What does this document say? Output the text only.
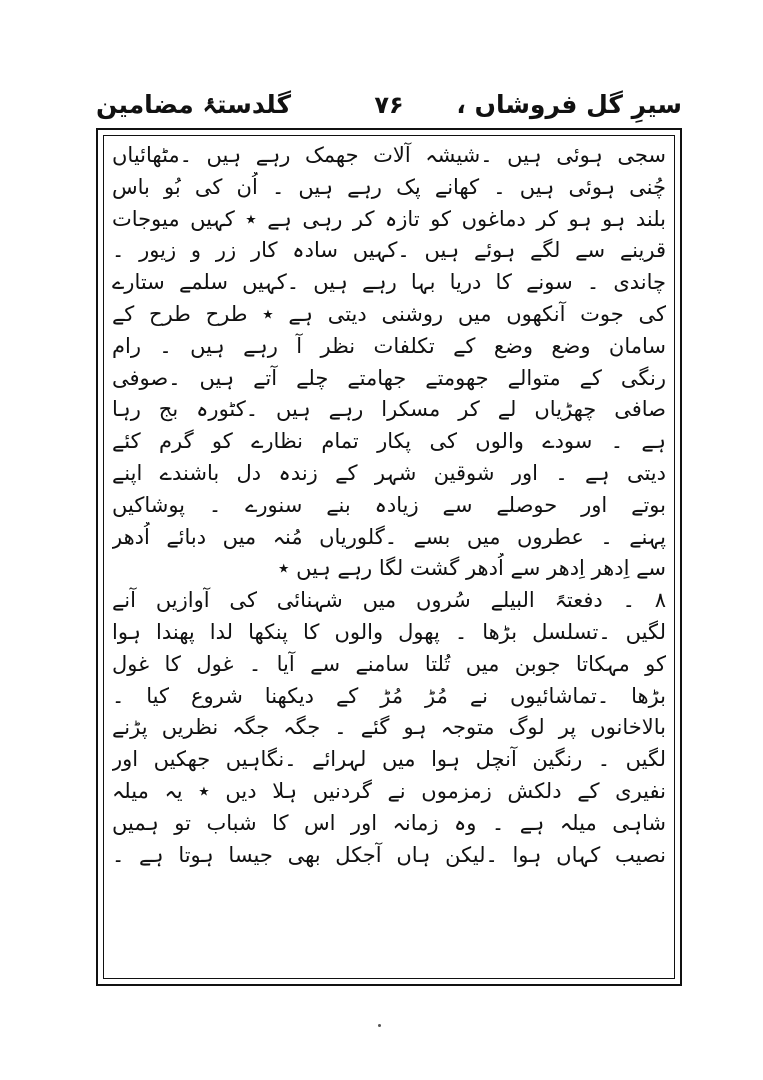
سیرِ گل فروشاں ،
۷۶
گلدستۂ مضامین
سجی ہوئی ہیں ۔شیشہ آلات جھمک رہے ہیں ۔مٹھائیاں
چُنی ہوئی ہیں ۔ کھانے پک رہے ہیں ۔ اُن کی بُو باس
بلند ہو ہو کر دماغوں کو تازہ کر رہی ہے ٭ کہیں میوجات
قرینے سے لگے ہوئے ہیں ۔کہیں سادہ کار زر و زیور ۔
چاندی ۔ سونے کا دریا بہا رہے ہیں ۔کہیں سلمے ستارے
کی جوت آنکھوں میں روشنی دیتی ہے ٭ طرح طرح کے
سامان وضع وضع کے تکلفات نظر آ رہے ہیں ۔ رام
رنگی کے متوالے جھومتے جھامتے چلے آتے ہیں ۔صوفی
صافی چھڑیاں لے کر مسکرا رہے ہیں ۔کٹورہ بج رہا
ہے ۔ سودے والوں کی پکار تمام نظارے کو گرم کئے
دیتی ہے ۔ اور شوقین شہر کے زندہ دل باشندے اپنے
بوتے اور حوصلے سے زیادہ بنے سنورے ۔ پوشاکیں
پہنے ۔ عطروں میں بسے ۔گلوریاں مُنہ میں دبائے اُدھر
سے اِدھر اِدھر سے اُدھر گشت لگا رہے ہیں ٭
۸ ۔ دفعتہً البیلے سُروں میں شہنائی کی آوازیں آنے
لگیں ۔تسلسل بڑھا ۔ پھول والوں کا پنکھا لدا پھندا ہوا
کو مہکاتا جوبن میں تُلتا سامنے سے آیا ۔ غول کا غول
بڑھا ۔تماشائیوں نے مُڑ مُڑ کے دیکھنا شروع کیا ۔
بالاخانوں پر لوگ متوجہ ہو گئے ۔ جگہ جگہ نظریں پڑنے
لگیں ۔ رنگین آنچل ہوا میں لہرائے ۔نگاہیں جھکیں اور
نفیری کے دلکش زمزموں نے گردنیں ہلا دیں ٭ یہ میلہ
شاہی میلہ ہے ۔ وہ زمانہ اور اس کا شباب تو ہمیں
نصیب کہاں ہوا ۔لیکن ہاں آجکل بھی جیسا ہوتا ہے ۔
